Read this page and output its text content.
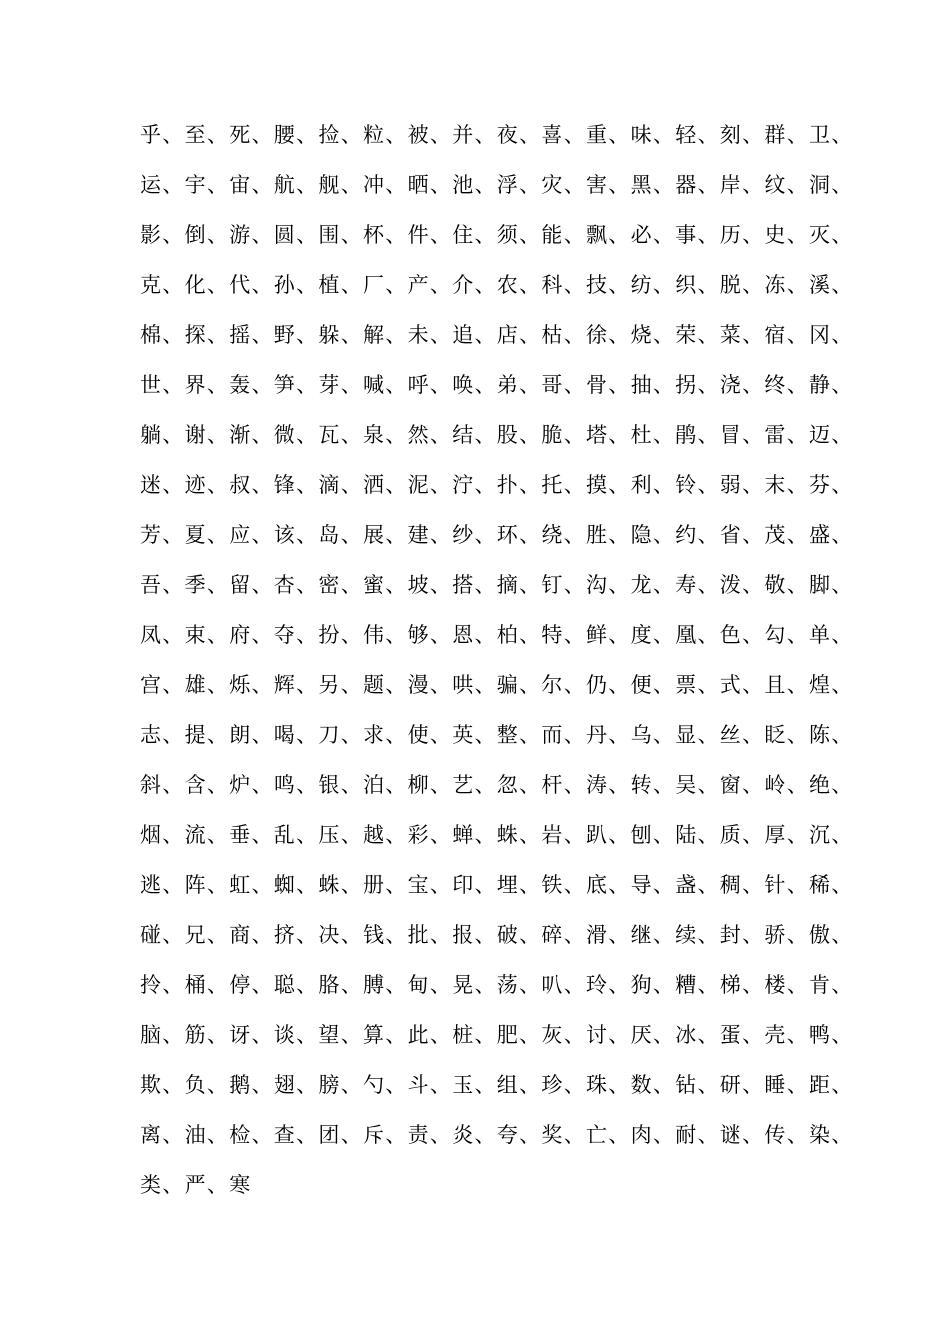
乎、至、死、腰、捡、粒、被、并、夜、喜、重、味、轻、刻、群、卫、
运、宇、宙、航、舰、冲、晒、池、浮、灾、害、黑、器、岸、纹、洞、
影、倒、游、圆、围、杯、件、住、须、能、飘、必、事、历、史、灭、
克、化、代、孙、植、厂、产、介、农、科、技、纺、织、脱、冻、溪、
棉、探、摇、野、躲、解、未、追、店、枯、徐、烧、荣、菜、宿、冈、
世、界、轰、笋、芽、喊、呼、唤、弟、哥、骨、抽、拐、浇、终、静、
躺、谢、渐、微、瓦、泉、然、结、股、脆、塔、杜、鹃、冒、雷、迈、
迷、迹、叔、锋、滴、洒、泥、泞、扑、托、摸、利、铃、弱、末、芬、
芳、夏、应、该、岛、展、建、纱、环、绕、胜、隐、约、省、茂、盛、
吾、季、留、杏、密、蜜、坡、搭、摘、钉、沟、龙、寿、泼、敬、脚、
凤、束、府、夺、扮、伟、够、恩、柏、特、鲜、度、凰、色、勾、单、
宫、雄、烁、辉、另、题、漫、哄、骗、尔、仍、便、票、式、且、煌、
志、提、朗、喝、刀、求、使、英、整、而、丹、乌、显、丝、眨、陈、
斜、含、炉、鸣、银、泊、柳、艺、忽、杆、涛、转、吴、窗、岭、绝、
烟、流、垂、乱、压、越、彩、蝉、蛛、岩、趴、刨、陆、质、厚、沉、
逃、阵、虹、蜘、蛛、册、宝、印、埋、铁、底、导、盏、稠、针、稀、
碰、兄、商、挤、决、钱、批、报、破、碎、滑、继、续、封、骄、傲、
拎、桶、停、聪、胳、膊、甸、晃、荡、叭、玲、狗、糟、梯、楼、肯、
脑、筋、讶、谈、望、算、此、桩、肥、灰、讨、厌、冰、蛋、壳、鸭、
欺、负、鹅、翅、膀、勺、斗、玉、组、珍、珠、数、钻、研、睡、距、
离、油、检、查、团、斥、责、炎、夸、奖、亡、肉、耐、谜、传、染、
类、严、寒
